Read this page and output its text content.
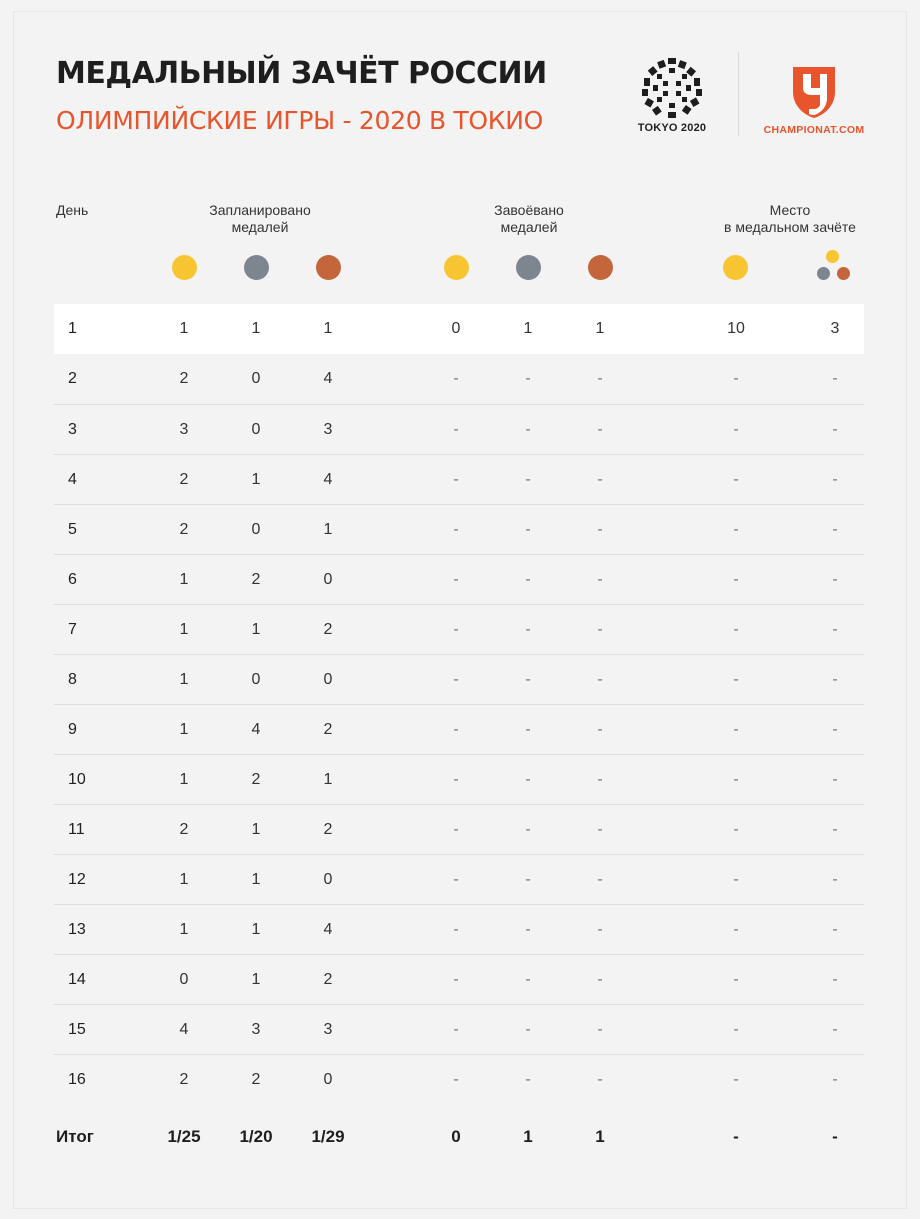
МЕДАЛЬНЫЙ ЗАЧЁТ РОССИИ
ОЛИМПИЙСКИЕ ИГРЫ - 2020 В ТОКИО	TOKYO 2020	CHAMPIONAT.COM
День	Запланировано
медалей
Завоёвано
медалей
Место
в медальном зачёте
1	1	1	1	0	1	1	10	3
2	2	0	4	-	-	-	-	-
3	3	0	3	-	-	-	-	-
4	2	1	4	-	-	-	-	-
5	2	0	1	-	-	-	-	-
6	1	2	0	-	-	-	-	-
7	1	1	2	-	-	-	-	-
8	1	0	0	-	-	-	-	-
9	1	4	2	-	-	-	-	-
10	1	2	1	-	-	-	-	-
11	2	1	2	-	-	-	-	-
12	1	1	0	-	-	-	-	-
13	1	1	4	-	-	-	-	-
14	0	1	2	-	-	-	-	-
15	4	3	3	-	-	-	-	-
16	2	2	0	-	-	-	-	-
Итог	1/25	1/20	1/29	0	1	1	-	-
